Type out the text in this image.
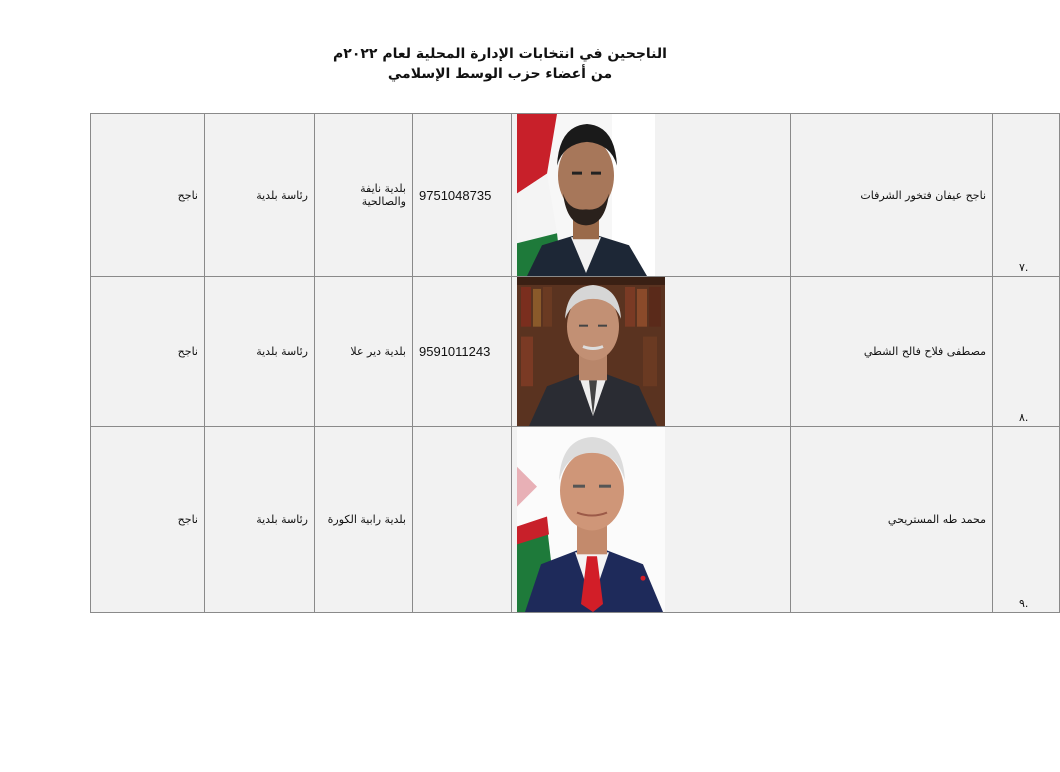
الناجحين في انتخابات الإدارة المحلية لعام ٢٠٢٢م
من أعضاء حزب الوسط الإسلامي
ناجح	رئاسة بلدية	بلدية نايفة والصالحية	9751048735		ناجح عيفان فتخور الشرفات	.٧

ناجح	رئاسة بلدية	بلدية دير علا	9591011243		مصطفى فلاح فالح الشطي	.٨

ناجح	رئاسة بلدية	بلدية رابية الكورة			محمد طه المستريحي	.٩
